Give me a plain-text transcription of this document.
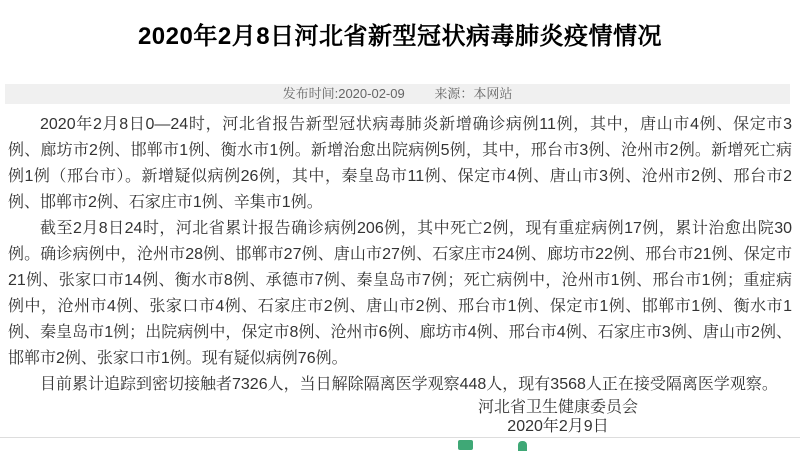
2020年2月8日河北省新型冠状病毒肺炎疫情情况
发布时间:2020-02-09 来源：本网站

2020年2月8日0—24时，河北省报告新型冠状病毒肺炎新增确诊病例11例，其中，唐山市4例、保定市3例、廊坊市2例、邯郸市1例、衡水市1例。新增治愈出院病例5例，其中，邢台市3例、沧州市2例。新增死亡病例1例（邢台市）。新增疑似病例26例，其中，秦皇岛市11例、保定市4例、唐山市3例、沧州市2例、邢台市2例、邯郸市2例、石家庄市1例、辛集市1例。

截至2月8日24时，河北省累计报告确诊病例206例，其中死亡2例，现有重症病例17例，累计治愈出院30例。确诊病例中，沧州市28例、邯郸市27例、唐山市27例、石家庄市24例、廊坊市22例、邢台市21例、保定市21例、张家口市14例、衡水市8例、承德市7例、秦皇岛市7例；死亡病例中，沧州市1例、邢台市1例；重症病例中，沧州市4例、张家口市4例、石家庄市2例、唐山市2例、邢台市1例、保定市1例、邯郸市1例、衡水市1例、秦皇岛市1例；出院病例中，保定市8例、沧州市6例、廊坊市4例、邢台市4例、石家庄市3例、唐山市2例、邯郸市2例、张家口市1例。现有疑似病例76例。

目前累计追踪到密切接触者7326人，当日解除隔离医学观察448人，现有3568人正在接受隔离医学观察。

河北省卫生健康委员会
2020年2月9日
